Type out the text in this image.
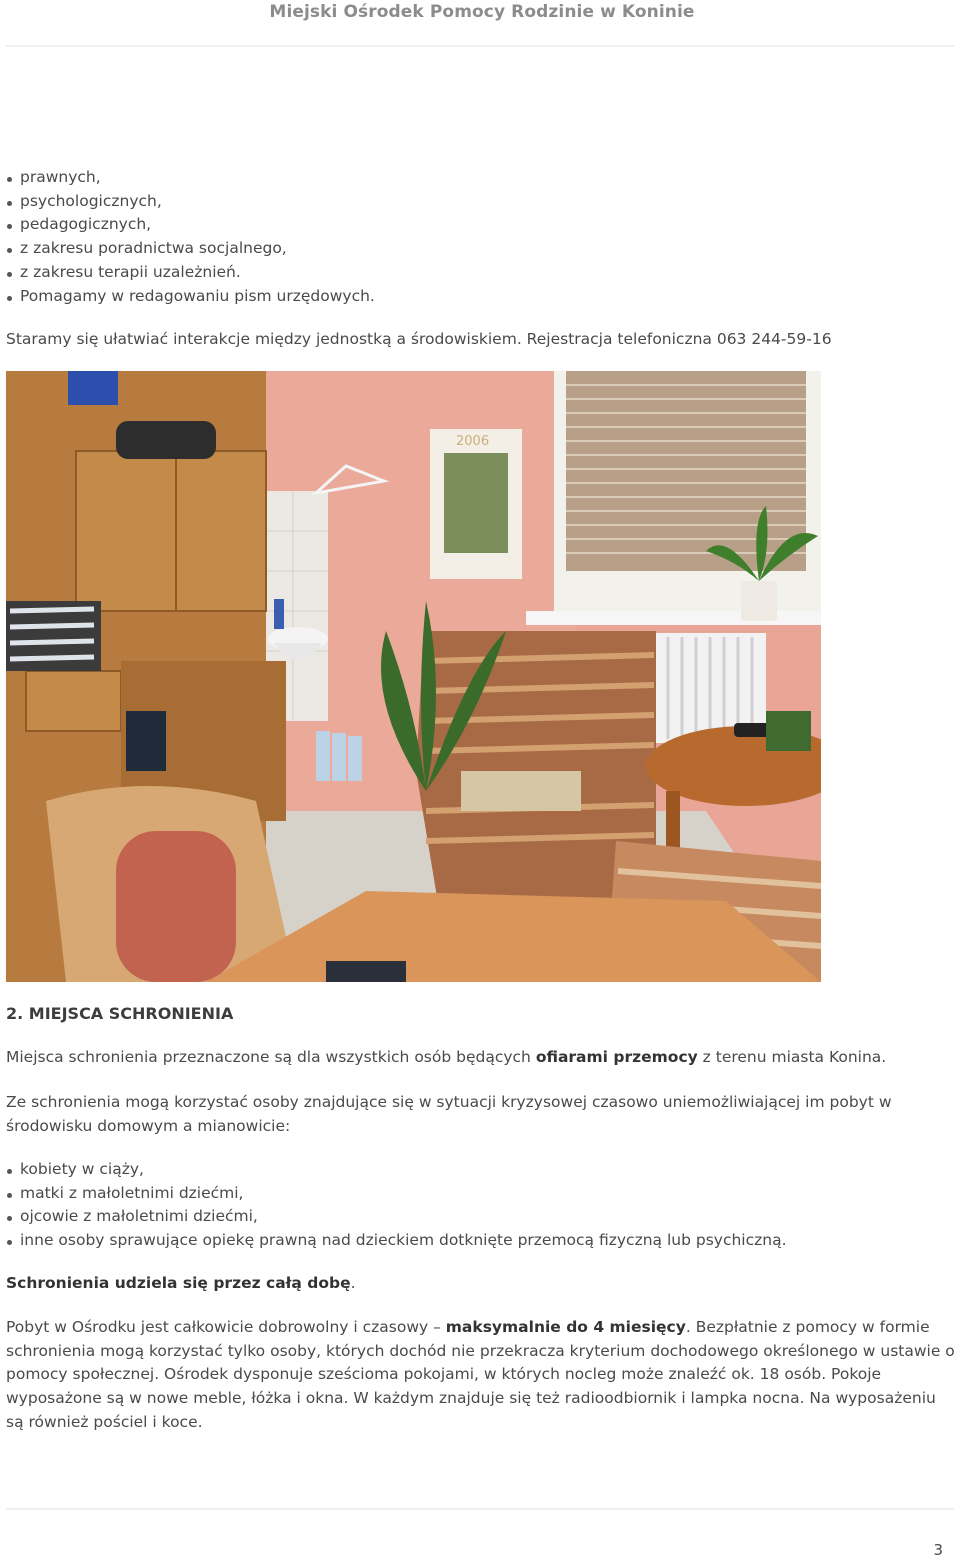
Miejski Ośrodek Pomocy Rodzinie w Koninie
prawnych,
psychologicznych,
pedagogicznych,
z zakresu poradnictwa socjalnego,
z zakresu terapii uzależnień.
Pomagamy w redagowaniu pism urzędowych.

Staramy się ułatwiać interakcje między jednostką a środowiskiem. Rejestracja telefoniczna 063 244-59-16

2. MIEJSCA SCHRONIENIA

Miejsca schronienia przeznaczone są dla wszystkich osób będących ofiarami przemocy z terenu miasta Konina.

Ze schronienia mogą korzystać osoby znajdujące się w sytuacji kryzysowej czasowo uniemożliwiającej im pobyt w środowisku domowym a mianowicie:

kobiety w ciąży,
matki z małoletnimi dziećmi,
ojcowie z małoletnimi dziećmi,
inne osoby sprawujące opiekę prawną nad dzieckiem dotknięte przemocą fizyczną lub psychiczną.

Schronienia udziela się przez całą dobę.

Pobyt w Ośrodku jest całkowicie dobrowolny i czasowy – maksymalnie do 4 miesięcy. Bezpłatnie z pomocy w formie schronienia mogą korzystać tylko osoby, których dochód nie przekracza kryterium dochodowego określonego w ustawie o pomocy społecznej. Ośrodek dysponuje sześcioma pokojami, w których nocleg może znaleźć ok. 18 osób. Pokoje wyposażone są w nowe meble, łóżka i okna. W każdym znajduje się też radioodbiornik i lampka nocna. Na wyposażeniu są również pościel i koce.

2006
3
